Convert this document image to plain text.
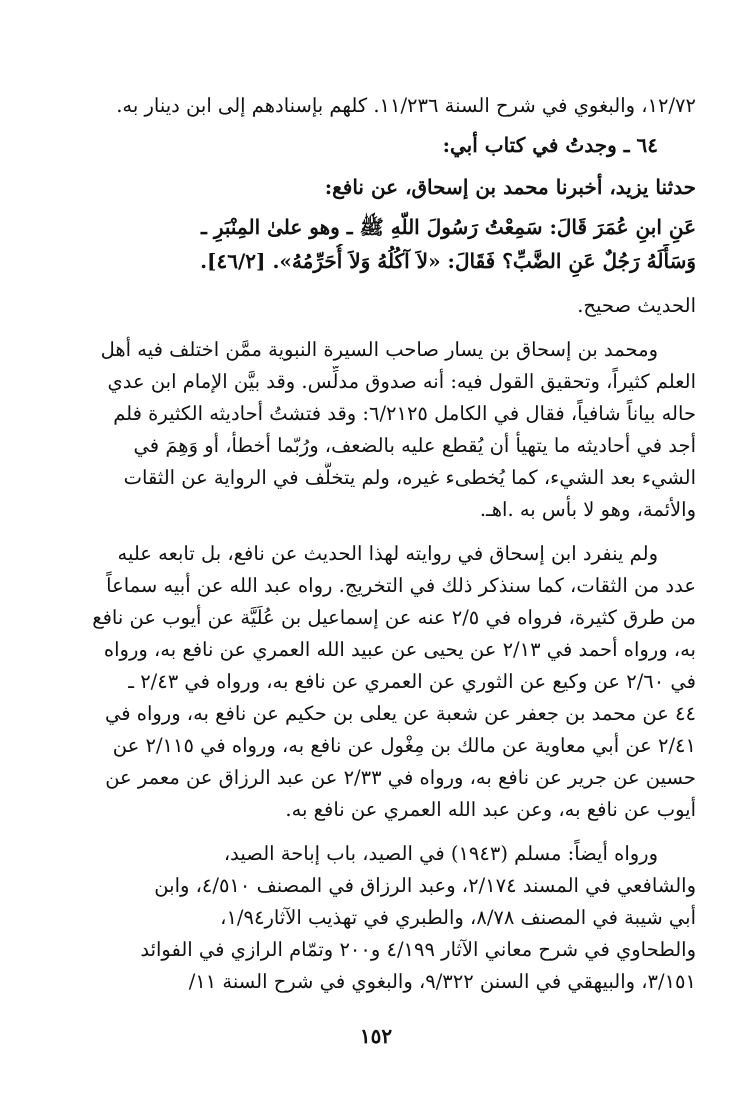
١٢/٧٢، والبغوي في شرح السنة ١١/٢٣٦. كلهم بإسنادهم إلى ابن دينار به.
٦٤ ـ وجدتُ في كتاب أبي:
حدثنا يزيد، أخبرنا محمد بن إسحاق، عن نافع:
عَنِ ابنِ عُمَرَ قَالَ: سَمِعْتُ رَسُولَ اللّهِ ﷺ ـ وهو علىٰ المِنْبَرِ ـ
وَسَأَلَهُ رَجُلٌ عَنِ الضَّبِّ؟ فَقَالَ: «لاَ آكُلُهُ وَلاَ أُحَرِّمُهُ». [٤٦/٢].
الحديث صحيح.
ومحمد بن إسحاق بن يسار صاحب السيرة النبوية ممَّن اختلف فيه أهل
العلم كثيراً، وتحقيق القول فيه: أنه صدوق مدلِّس. وقد بيَّن الإمام ابن عدي
حاله بياناً شافياً، فقال في الكامل ٦/٢١٢٥: وقد فتشتُ أحاديثه الكثيرة فلم
أجد في أحاديثه ما يتهيأ أن يُقطع عليه بالضعف، ورُبّما أخطأ، أو وَهِمَ في
الشيء بعد الشيء، كما يُخطىء غيره، ولم يتخلَّف في الرواية عن الثقات
والأئمة، وهو لا بأس به .اهـ.
ولم ينفرد ابن إسحاق في روايته لهذا الحديث عن نافع، بل تابعه عليه
عدد من الثقات، كما سنذكر ذلك في التخريج. رواه عبد الله عن أبيه سماعاً
من طرق كثيرة، فرواه في ٢/٥ عنه عن إسماعيل بن عُلَيَّة عن أيوب عن نافع
به، ورواه أحمد في ٢/١٣ عن يحيى عن عبيد الله العمري عن نافع به، ورواه
في ٢/٦٠ عن وكيع عن الثوري عن العمري عن نافع به، ورواه في ٢/٤٣ ـ
٤٤ عن محمد بن جعفر عن شعبة عن يعلى بن حكيم عن نافع به، ورواه في
٢/٤١ عن أبي معاوية عن مالك بن مِغْول عن نافع به، ورواه في ٢/١١٥ عن
حسين عن جرير عن نافع به، ورواه في ٢/٣٣ عن عبد الرزاق عن معمر عن
أيوب عن نافع به، وعن عبد الله العمري عن نافع به.
ورواه أيضاً: مسلم (١٩٤٣) في الصيد، باب إباحة الصيد،
والشافعي في المسند ٢/١٧٤، وعبد الرزاق في المصنف ٤/٥١٠، وابن
أبي شيبة في المصنف ٨/٧٨، والطبري في تهذيب الآثار١/٩٤،
والطحاوي في شرح معاني الآثار ٤/١٩٩ و٢٠٠ وتمّام الرازي في الفوائد
٣/١٥١، والبيهقي في السنن ٩/٣٢٢، والبغوي في شرح السنة ١١/
١٥٢
